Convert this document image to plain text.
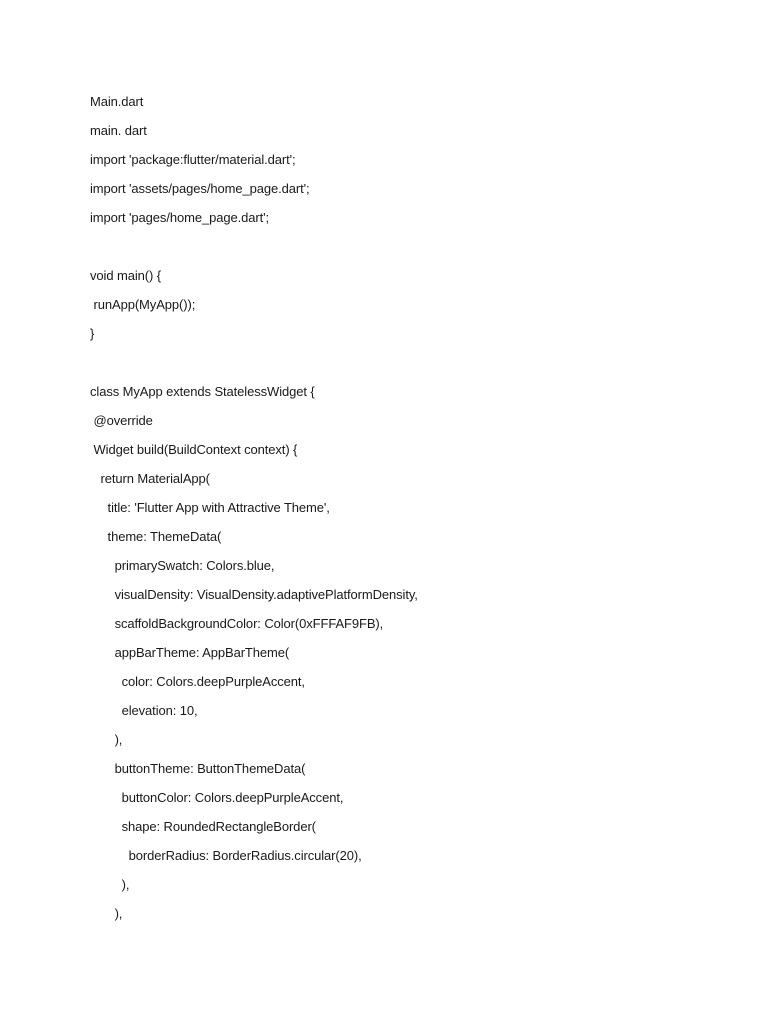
Main.dart
main. dart
import 'package:flutter/material.dart';
import 'assets/pages/home_page.dart';
import 'pages/home_page.dart';
void main() {
runApp(MyApp());
}
class MyApp extends StatelessWidget {
@override
Widget build(BuildContext context) {
return MaterialApp(
title: 'Flutter App with Attractive Theme',
theme: ThemeData(
primarySwatch: Colors.blue,
visualDensity: VisualDensity.adaptivePlatformDensity,
scaffoldBackgroundColor: Color(0xFFFAF9FB),
appBarTheme: AppBarTheme(
color: Colors.deepPurpleAccent,
elevation: 10,
),
buttonTheme: ButtonThemeData(
buttonColor: Colors.deepPurpleAccent,
shape: RoundedRectangleBorder(
borderRadius: BorderRadius.circular(20),
),
),
